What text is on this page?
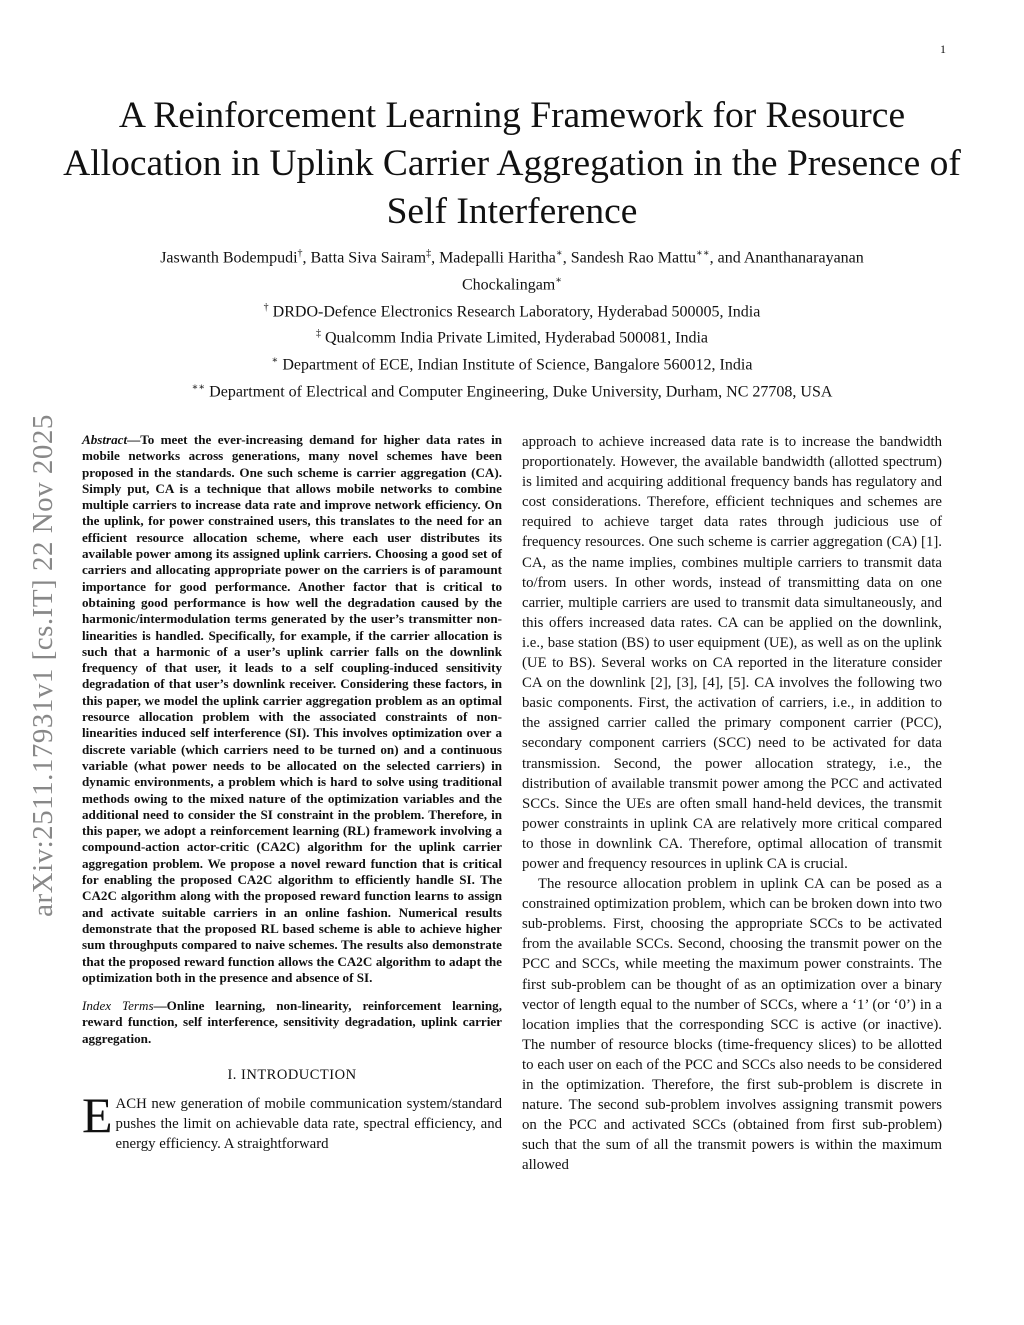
1
arXiv:2511.17931v1 [cs.IT] 22 Nov 2025
A Reinforcement Learning Framework for Resource Allocation in Uplink Carrier Aggregation in the Presence of Self Interference
Jaswanth Bodempudi†, Batta Siva Sairam‡, Madepalli Haritha∗, Sandesh Rao Mattu∗∗, and Ananthanarayanan Chockalingam∗
† DRDO-Defence Electronics Research Laboratory, Hyderabad 500005, India
‡ Qualcomm India Private Limited, Hyderabad 500081, India
∗ Department of ECE, Indian Institute of Science, Bangalore 560012, India
∗∗ Department of Electrical and Computer Engineering, Duke University, Durham, NC 27708, USA

Abstract—To meet the ever-increasing demand for higher data rates in mobile networks across generations, many novel schemes have been proposed in the standards. One such scheme is carrier aggregation (CA). Simply put, CA is a technique that allows mobile networks to combine multiple carriers to increase data rate and improve network efficiency. On the uplink, for power constrained users, this translates to the need for an efficient resource allocation scheme, where each user distributes its available power among its assigned uplink carriers. Choosing a good set of carriers and allocating appropriate power on the carriers is of paramount importance for good performance. Another factor that is critical to obtaining good performance is how well the degradation caused by the harmonic/intermodulation terms generated by the user’s transmitter non-linearities is handled. Specifically, for example, if the carrier allocation is such that a harmonic of a user’s uplink carrier falls on the downlink frequency of that user, it leads to a self coupling-induced sensitivity degradation of that user’s downlink receiver. Considering these factors, in this paper, we model the uplink carrier aggregation problem as an optimal resource allocation problem with the associated constraints of non-linearities induced self interference (SI). This involves optimization over a discrete variable (which carriers need to be turned on) and a continuous variable (what power needs to be allocated on the selected carriers) in dynamic environments, a problem which is hard to solve using traditional methods owing to the mixed nature of the optimization variables and the additional need to consider the SI constraint in the problem. Therefore, in this paper, we adopt a reinforcement learning (RL) framework involving a compound-action actor-critic (CA2C) algorithm for the uplink carrier aggregation problem. We propose a novel reward function that is critical for enabling the proposed CA2C algorithm to efficiently handle SI. The CA2C algorithm along with the proposed reward function learns to assign and activate suitable carriers in an online fashion. Numerical results demonstrate that the proposed RL based scheme is able to achieve higher sum throughputs compared to naive schemes. The results also demonstrate that the proposed reward function allows the CA2C algorithm to adapt the optimization both in the presence and absence of SI.

Index Terms—Online learning, non-linearity, reinforcement learning, reward function, self interference, sensitivity degradation, uplink carrier aggregation.

I. INTRODUCTION

EACH new generation of mobile communication system/standard pushes the limit on achievable data rate, spectral efficiency, and energy efficiency. A straightforward

approach to achieve increased data rate is to increase the bandwidth proportionately. However, the available bandwidth (allotted spectrum) is limited and acquiring additional frequency bands has regulatory and cost considerations. Therefore, efficient techniques and schemes are required to achieve target data rates through judicious use of frequency resources. One such scheme is carrier aggregation (CA) [1]. CA, as the name implies, combines multiple carriers to transmit data to/from users. In other words, instead of transmitting data on one carrier, multiple carriers are used to transmit data simultaneously, and this offers increased data rates. CA can be applied on the downlink, i.e., base station (BS) to user equipment (UE), as well as on the uplink (UE to BS). Several works on CA reported in the literature consider CA on the downlink [2], [3], [4], [5]. CA involves the following two basic components. First, the activation of carriers, i.e., in addition to the assigned carrier called the primary component carrier (PCC), secondary component carriers (SCC) need to be activated for data transmission. Second, the power allocation strategy, i.e., the distribution of available transmit power among the PCC and activated SCCs. Since the UEs are often small hand-held devices, the transmit power constraints in uplink CA are relatively more critical compared to those in downlink CA. Therefore, optimal allocation of transmit power and frequency resources in uplink CA is crucial.

The resource allocation problem in uplink CA can be posed as a constrained optimization problem, which can be broken down into two sub-problems. First, choosing the appropriate SCCs to be activated from the available SCCs. Second, choosing the transmit power on the PCC and SCCs, while meeting the maximum power constraints. The first sub-problem can be thought of as an optimization over a binary vector of length equal to the number of SCCs, where a ‘1’ (or ‘0’) in a location implies that the corresponding SCC is active (or inactive). The number of resource blocks (time-frequency slices) to be allotted to each user on each of the PCC and SCCs also needs to be considered in the optimization. Therefore, the first sub-problem is discrete in nature. The second sub-problem involves assigning transmit powers on the PCC and activated SCCs (obtained from first sub-problem) such that the sum of all the transmit powers is within the maximum allowed
